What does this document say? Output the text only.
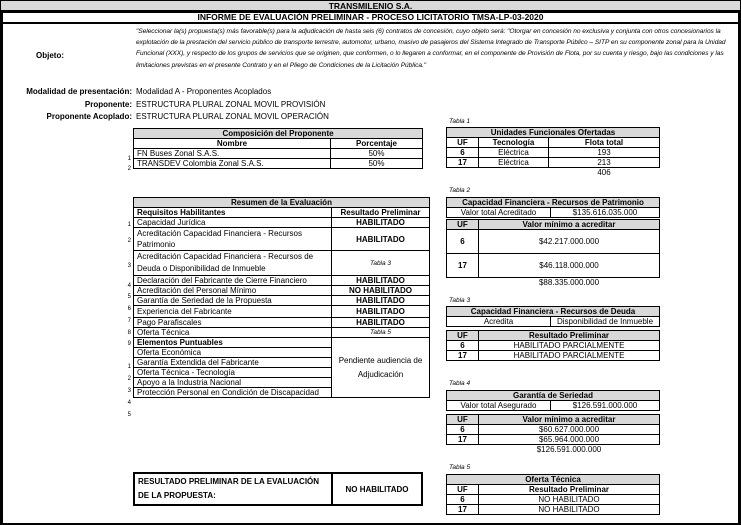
TRANSMILENIO S.A.
INFORME DE EVALUACIÓN PRELIMINAR - PROCESO LICITATORIO TMSA-LP-03-2020
Objeto:
"Seleccionar la(s) propuesta(s) más favorable(s) para la adjudicación de hasta seis (6) contratos de concesión, cuyo objeto será: "Otorgar en concesión no exclusiva y conjunta con otros concesionarios la explotación de la prestación del servicio público de transporte terrestre, automotor, urbano, masivo de pasajeros del Sistema Integrado de Transporte Público – SITP en su componente zonal para la Unidad Funcional (XXX), y respecto de los grupos de servicios que se originen, que conformen, o lo llegaren a conformar, en el componente de Provisión de Flota, por su cuenta y riesgo, bajo las condiciones y las limitaciones previstas en el presente Contrato y en el Pliego de Condiciones de la Licitación Pública."
Modalidad de presentación: Modalidad A - Proponentes Acoplados
Proponente: ESTRUCTURA PLURAL ZONAL MOVIL PROVISIÓN
Proponente Acoplado: ESTRUCTURA PLURAL ZONAL MOVIL OPERACIÓN
Composición del Proponente	
Nombre	Porcentaje
FN Buses Zonal S.A.S.	50%
TRANSDEV Colombia Zonal S.A.S.	50%
1
2
Tabla 1
Unidades Funcionales Ofertadas		
UF	Tecnología	Flota total
6	Eléctrica	193
17	Eléctrica	213
		406
Resumen de la Evaluación	
Requisitos Habilitantes	Resultado Preliminar
Capacidad Jurídica	HABILITADO
Acreditación Capacidad Financiera - Recursos Patrimonio	HABILITADO
Acreditación Capacidad Financiera - Recursos de Deuda o Disponibilidad de Inmueble	Tabla 3
Declaración del Fabricante de Cierre Financiero	HABILITADO
Acreditación del Personal Mínimo	NO HABILITADO
Garantía de Seriedad de la Propuesta	HABILITADO
Experiencia del Fabricante	HABILITADO
Pago Parafiscales	HABILITADO
Oferta Técnica	Tabla 5
Elementos Puntuables	Pendiente audiencia de Adjudicación
Oferta Económica	
Garantía Extendida del Fabricante	
Oferta Técnica - Tecnología	
Apoyo a la Industria Nacional	
Protección Personal en Condición de Discapacidad	
1
2
3
4
5
6
7
8
9
1
2
3
4
5
Tabla 2
Capacidad Financiera - Recursos de Patrimonio
Valor total Acreditado	$135.616.035.000
UF	Valor mínimo a acreditar
6	$42.217.000.000
17	$46.118.000.000
	$88.335.000.000
Tabla 3
Capacidad Financiera - Recursos de Deuda
Acredita	Disponibilidad de Inmueble
UF	Resultado Preliminar
6	HABILITADO PARCIALMENTE
17	HABILITADO PARCIALMENTE
Tabla 4
Garantía de Seriedad
Valor total Asegurado	$126.591.000.000
UF	Valor mínimo a acreditar
6	$60.627.000.000
17	$65.964.000.000
	$126.591.000.000
Tabla 5
Oferta Técnica	
UF	Resultado Preliminar
6	NO HABILITADO
17	NO HABILITADO
RESULTADO PRELIMINAR DE LA EVALUACIÓN DE LA PROPUESTA:	NO HABILITADO
